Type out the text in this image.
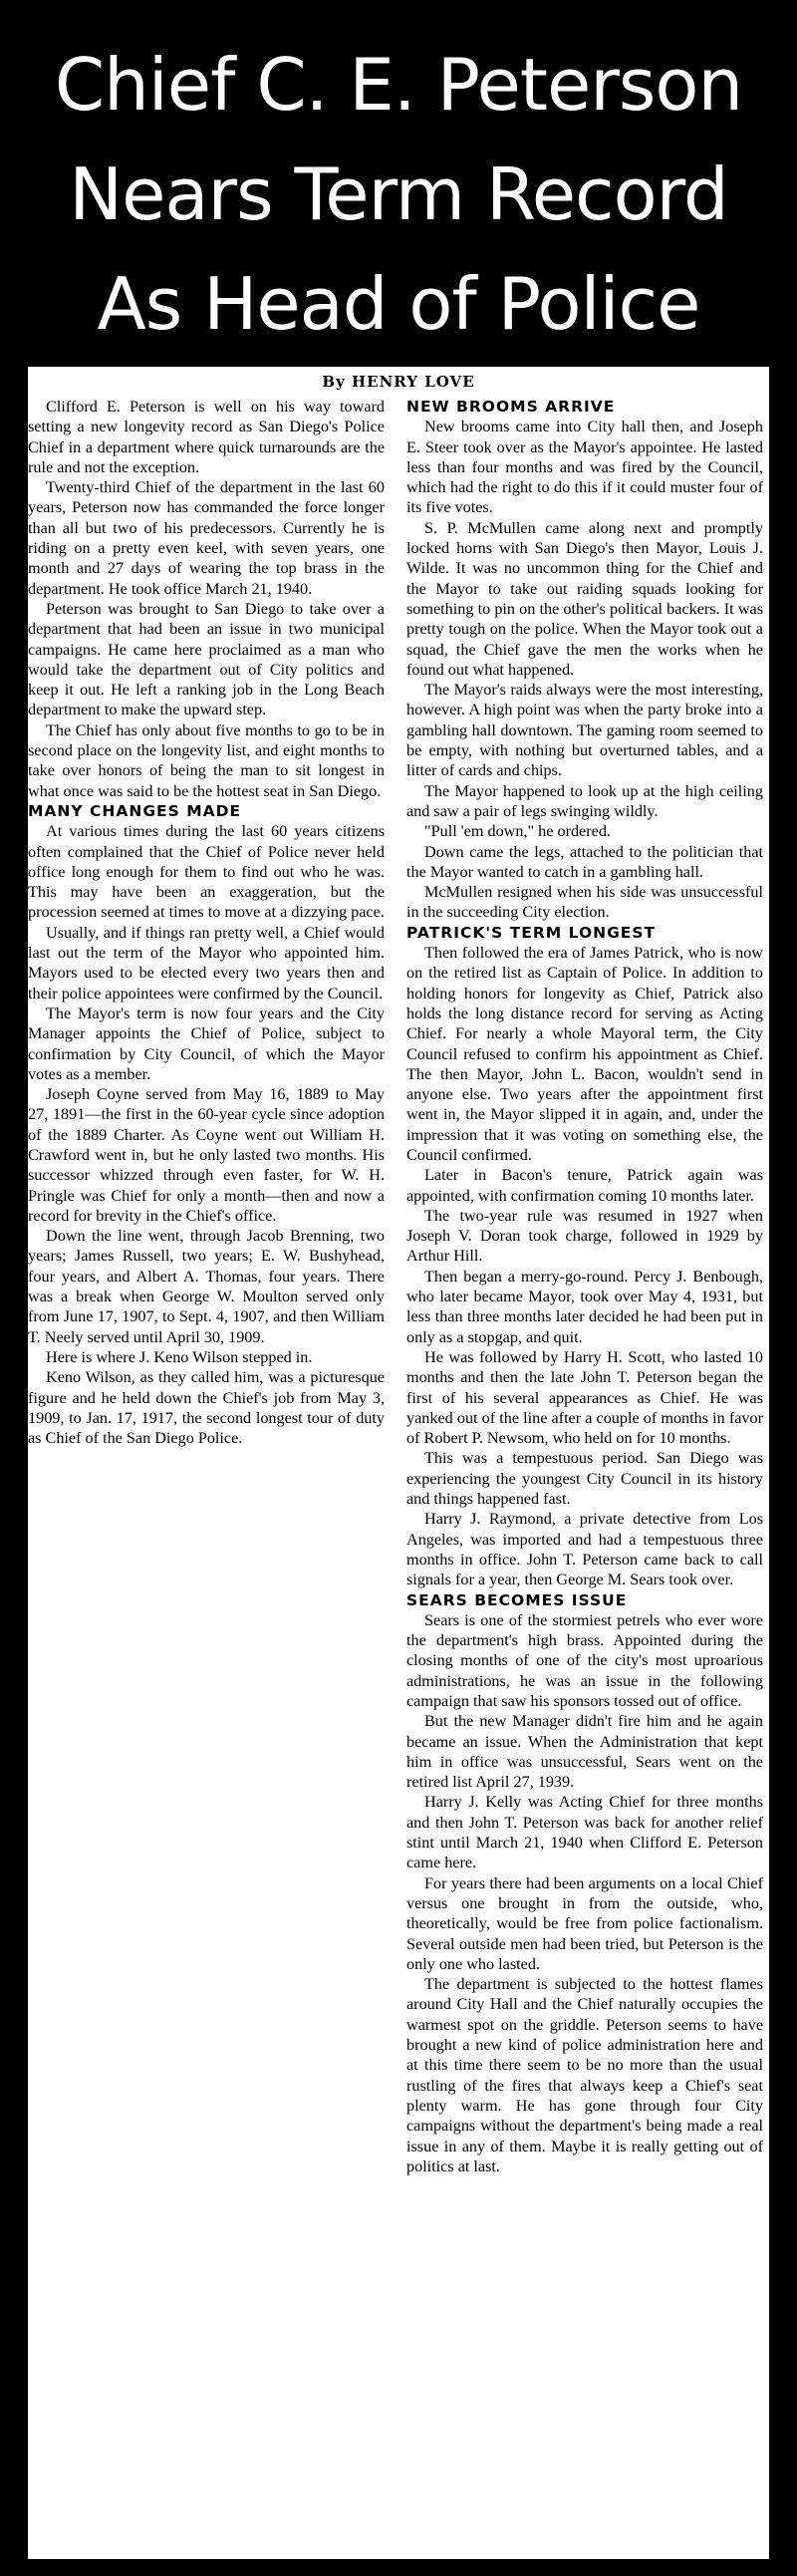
Chief C. E. Peterson
Nears Term Record
As Head of Police
By HENRY LOVE

Clifford E. Peterson is well on his way toward setting a new longevity record as San Diego's Police Chief in a department where quick turnarounds are the rule and not the exception.

Twenty-third Chief of the department in the last 60 years, Peterson now has commanded the force longer than all but two of his predecessors. Currently he is riding on a pretty even keel, with seven years, one month and 27 days of wearing the top brass in the department. He took office March 21, 1940.

Peterson was brought to San Diego to take over a department that had been an issue in two municipal campaigns. He came here proclaimed as a man who would take the department out of City politics and keep it out. He left a ranking job in the Long Beach department to make the upward step.

The Chief has only about five months to go to be in second place on the longevity list, and eight months to take over honors of being the man to sit longest in what once was said to be the hottest seat in San Diego.

MANY CHANGES MADE

At various times during the last 60 years citizens often complained that the Chief of Police never held office long enough for them to find out who he was. This may have been an exaggeration, but the procession seemed at times to move at a dizzying pace.

Usually, and if things ran pretty well, a Chief would last out the term of the Mayor who appointed him. Mayors used to be elected every two years then and their police appointees were confirmed by the Council.

The Mayor's term is now four years and the City Manager appoints the Chief of Police, subject to confirmation by City Council, of which the Mayor votes as a member.

Joseph Coyne served from May 16, 1889 to May 27, 1891—the first in the 60-year cycle since adoption of the 1889 Charter. As Coyne went out William H. Crawford went in, but he only lasted two months. His successor whizzed through even faster, for W. H. Pringle was Chief for only a month—then and now a record for brevity in the Chief's office.

Down the line went, through Jacob Brenning, two years; James Russell, two years; E. W. Bushyhead, four years, and Albert A. Thomas, four years. There was a break when George W. Moulton served only from June 17, 1907, to Sept. 4, 1907, and then William T. Neely served until April 30, 1909.

Here is where J. Keno Wilson stepped in.

Keno Wilson, as they called him, was a picturesque figure and he held down the Chief's job from May 3, 1909, to Jan. 17, 1917, the second longest tour of duty as Chief of the San Diego Police.

NEW BROOMS ARRIVE

New brooms came into City hall then, and Joseph E. Steer took over as the Mayor's appointee. He lasted less than four months and was fired by the Council, which had the right to do this if it could muster four of its five votes.

S. P. McMullen came along next and promptly locked horns with San Diego's then Mayor, Louis J. Wilde. It was no uncommon thing for the Chief and the Mayor to take out raiding squads looking for something to pin on the other's political backers. It was pretty tough on the police. When the Mayor took out a squad, the Chief gave the men the works when he found out what happened.

The Mayor's raids always were the most interesting, however. A high point was when the party broke into a gambling hall downtown. The gaming room seemed to be empty, with nothing but overturned tables, and a litter of cards and chips.

The Mayor happened to look up at the high ceiling and saw a pair of legs swinging wildly.

"Pull 'em down," he ordered.

Down came the legs, attached to the politician that the Mayor wanted to catch in a gambling hall.

McMullen resigned when his side was unsuccessful in the succeeding City election.

PATRICK'S TERM LONGEST

Then followed the era of James Patrick, who is now on the retired list as Captain of Police. In addition to holding honors for longevity as Chief, Patrick also holds the long distance record for serving as Acting Chief. For nearly a whole Mayoral term, the City Council refused to confirm his appointment as Chief. The then Mayor, John L. Bacon, wouldn't send in anyone else. Two years after the appointment first went in, the Mayor slipped it in again, and, under the impression that it was voting on something else, the Council confirmed.

Later in Bacon's tenure, Patrick again was appointed, with confirmation coming 10 months later.

The two-year rule was resumed in 1927 when Joseph V. Doran took charge, followed in 1929 by Arthur Hill.

Then began a merry-go-round. Percy J. Benbough, who later became Mayor, took over May 4, 1931, but less than three months later decided he had been put in only as a stopgap, and quit.

He was followed by Harry H. Scott, who lasted 10 months and then the late John T. Peterson began the first of his several appearances as Chief. He was yanked out of the line after a couple of months in favor of Robert P. Newsom, who held on for 10 months.

This was a tempestuous period. San Diego was experiencing the youngest City Council in its history and things happened fast.

Harry J. Raymond, a private detective from Los Angeles, was imported and had a tempestuous three months in office. John T. Peterson came back to call signals for a year, then George M. Sears took over.

SEARS BECOMES ISSUE

Sears is one of the stormiest petrels who ever wore the department's high brass. Appointed during the closing months of one of the city's most uproarious administrations, he was an issue in the following campaign that saw his sponsors tossed out of office.

But the new Manager didn't fire him and he again became an issue. When the Administration that kept him in office was unsuccessful, Sears went on the retired list April 27, 1939.

Harry J. Kelly was Acting Chief for three months and then John T. Peterson was back for another relief stint until March 21, 1940 when Clifford E. Peterson came here.

For years there had been arguments on a local Chief versus one brought in from the outside, who, theoretically, would be free from police factionalism. Several outside men had been tried, but Peterson is the only one who lasted.

The department is subjected to the hottest flames around City Hall and the Chief naturally occupies the warmest spot on the griddle. Peterson seems to have brought a new kind of police administration here and at this time there seem to be no more than the usual rustling of the fires that always keep a Chief's seat plenty warm. He has gone through four City campaigns without the department's being made a real issue in any of them. Maybe it is really getting out of politics at last.
